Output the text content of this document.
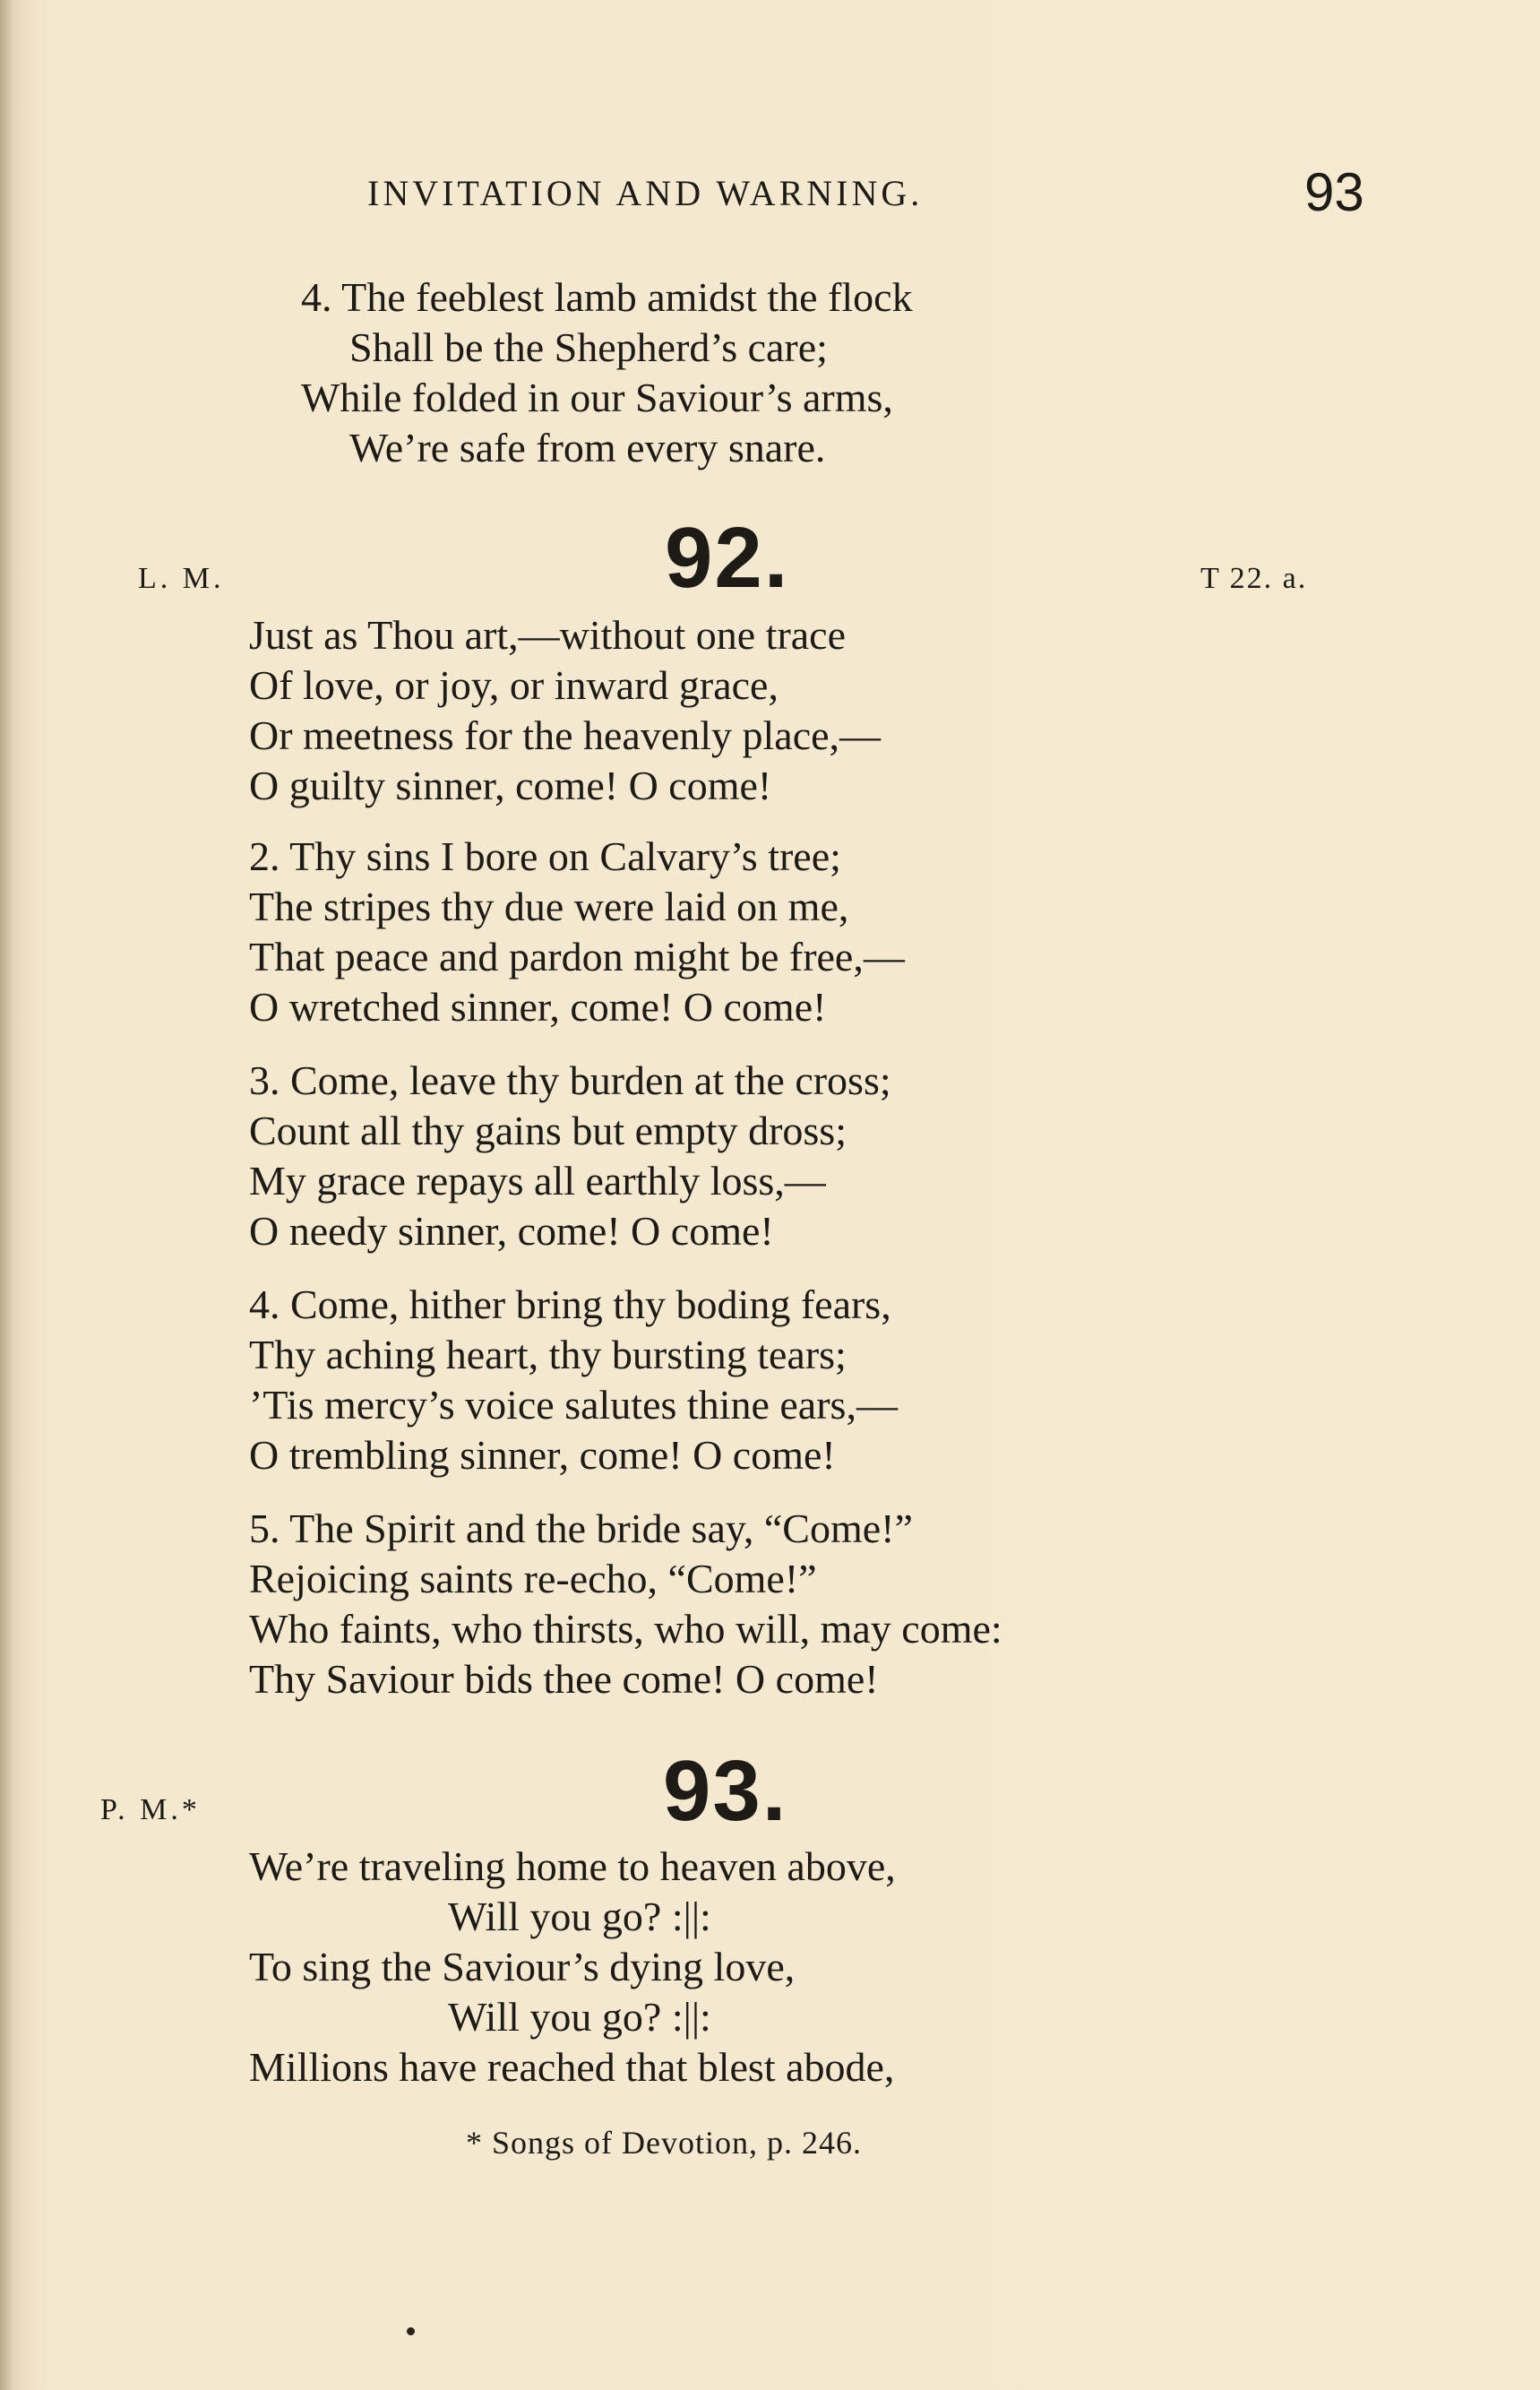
INVITATION AND WARNING.	93
4. The feeblest lamb amidst the flock
Shall be the Shepherd’s care;
While folded in our Saviour’s arms,
We’re safe from every snare.
L. M.	92.	T 22. a.
Just as Thou art,—without one trace
Of love, or joy, or inward grace,
Or meetness for the heavenly place,—
O guilty sinner, come! O come!
2. Thy sins I bore on Calvary’s tree;
The stripes thy due were laid on me,
That peace and pardon might be free,—
O wretched sinner, come! O come!
3. Come, leave thy burden at the cross;
Count all thy gains but empty dross;
My grace repays all earthly loss,—
O needy sinner, come! O come!
4. Come, hither bring thy boding fears,
Thy aching heart, thy bursting tears;
’Tis mercy’s voice salutes thine ears,—
O trembling sinner, come! O come!
5. The Spirit and the bride say, “Come!”
Rejoicing saints re-echo, “Come!”
Who faints, who thirsts, who will, may come:
Thy Saviour bids thee come! O come!
P. M.*	93.
We’re traveling home to heaven above,
Will you go? :||:
To sing the Saviour’s dying love,
Will you go? :||:
Millions have reached that blest abode,
* Songs of Devotion, p. 246.
